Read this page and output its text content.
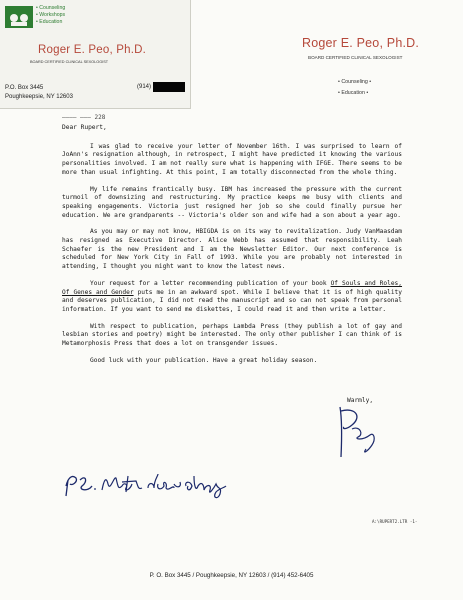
• Counseling
• Workshops
• Education
Roger E. Peo, Ph.D.
BOARD CERTIFIED CLINICAL SEXOLOGIST
P.O. Box 3445
Poughkeepsie, NY 12603
(914)
Roger E. Peo, Ph.D.
BOARD CERTIFIED CLINICAL SEXOLOGIST
• Counseling •
• Education •
$^{———— ——— 228}$

Dear Rupert,

I was glad to receive your letter of November 16th. I was surprised to learn of JoAnn's resignation although, in retrospect, I might have predicted it knowing the various personalities involved. I am not really sure what is happening with IFGE. There seems to be more than usual infighting. At this point, I am totally disconnected from the whole thing.

My life remains frantically busy. IBM has increased the pressure with the current turmoil of downsizing and restructuring. My practice keeps me busy with clients and speaking engagements. Victoria just resigned her job so she could finally pursue her education. We are grandparents -- Victoria's older son and wife had a son about a year ago.

As you may or may not know, HBIGDA is on its way to revitalization. Judy VanMaasdam has resigned as Executive Director. Alice Webb has assumed that responsibility. Leah Schaefer is the new President and I am the Newsletter Editor. Our next conference is scheduled for New York City in Fall of 1993. While you are probably not interested in attending, I thought you might want to know the latest news.

Your request for a letter recommending publication of your book Of Souls and Roles, Of Genes and Gender puts me in an awkward spot. While I believe that it is of high quality and deserves publication, I did not read the manuscript and so can not speak from personal information. If you want to send me diskettes, I could read it and then write a letter.

With respect to publication, perhaps Lambda Press (they publish a lot of gay and lesbian stories and poetry) might be interested. The only other publisher I can think of is Metamorphosis Press that does a lot on transgender issues.

Good luck with your publication. Have a great holiday season.

Warmly,
A:\RUPERT2.LTR -1-
P. O. Box 3445 / Poughkeepsie, NY 12603 / (914) 452-6405
